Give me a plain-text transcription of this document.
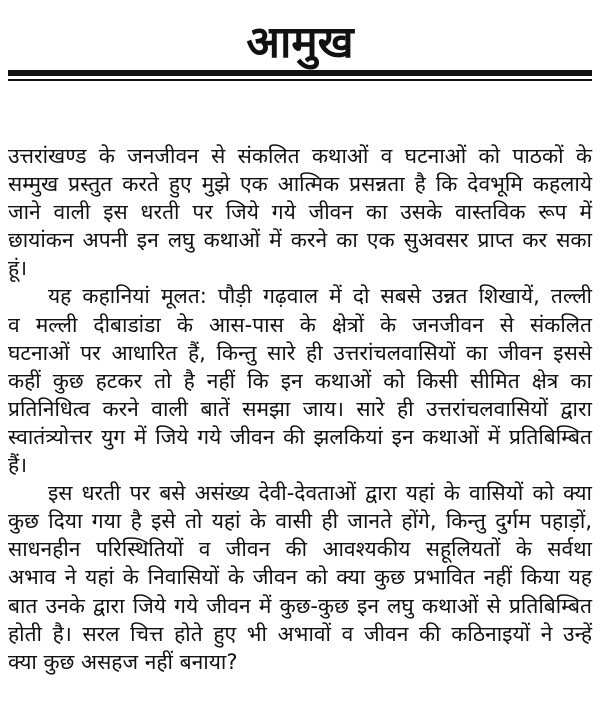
आमुख
उत्तरांखण्ड के जनजीवन से संकलित कथाओं व घटनाओं को पाठकों के
सम्मुख प्रस्तुत करते हुए मुझे एक आत्मिक प्रसन्नता है कि देवभूमि कहलाये
जाने वाली इस धरती पर जिये गये जीवन का उसके वास्तविक रूप में
छायांकन अपनी इन लघु कथाओं में करने का एक सुअवसर प्राप्त कर सका
हूं।
यह कहानियां मूलत: पौड़ी गढ़वाल में दो सबसे उन्नत शिखायें, तल्ली
व मल्ली दीबाडांडा के आस-पास के क्षेत्रों के जनजीवन से संकलित
घटनाओं पर आधारित हैं, किन्तु सारे ही उत्तरांचलवासियों का जीवन इससे
कहीं कुछ हटकर तो है नहीं कि इन कथाओं को किसी सीमित क्षेत्र का
प्रतिनिधित्व करने वाली बातें समझा जाय। सारे ही उत्तरांचलवासियों द्वारा
स्वातंत्र्योत्तर युग में जिये गये जीवन की झलकियां इन कथाओं में प्रतिबिम्बित
हैं।
इस धरती पर बसे असंख्य देवी-देवताओं द्वारा यहां के वासियों को क्या
कुछ दिया गया है इसे तो यहां के वासी ही जानते होंगे, किन्तु दुर्गम पहाड़ों,
साधनहीन परिस्थितियों व जीवन की आवश्यकीय सहूलियतों के सर्वथा
अभाव ने यहां के निवासियों के जीवन को क्या कुछ प्रभावित नहीं किया यह
बात उनके द्वारा जिये गये जीवन में कुछ-कुछ इन लघु कथाओं से प्रतिबिम्बित
होती है। सरल चित्त होते हुए भी अभावों व जीवन की कठिनाइयों ने उन्हें
क्या कुछ असहज नहीं बनाया?
